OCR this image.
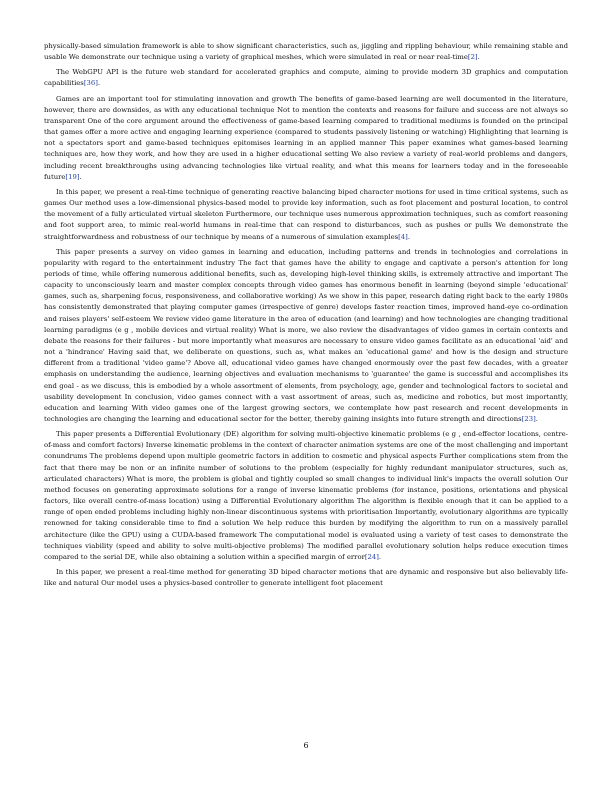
physically-based simulation framework is able to show significant characteristics, such as, jiggling and rippling behaviour, while remaining stable and usable We demonstrate our technique using a variety of graphical meshes, which were simulated in real or near real-time[2].

The WebGPU API is the future web standard for accelerated graphics and compute, aiming to provide modern 3D graphics and computation capabilities[36].

Games are an important tool for stimulating innovation and growth The benefits of game-based learning are well documented in the literature, however, there are downsides, as with any educational technique Not to mention the contexts and reasons for failure and success are not always so transparent One of the core argument around the effectiveness of game-based learning compared to traditional mediums is founded on the principal that games offer a more active and engaging learning experience (compared to students passively listening or watching) Highlighting that learning is not a spectators sport and game-based techniques epitomises learning in an applied manner This paper examines what games-based learning techniques are, how they work, and how they are used in a higher educational setting We also review a variety of real-world problems and dangers, including recent breakthroughs using advancing technologies like virtual reality, and what this means for learners today and in the foreseeable future[19].

In this paper, we present a real-time technique of generating reactive balancing biped character motions for used in time critical systems, such as games Our method uses a low-dimensional physics-based model to provide key information, such as foot placement and postural location, to control the movement of a fully articulated virtual skeleton Furthermore, our technique uses numerous approximation techniques, such as comfort reasoning and foot support area, to mimic real-world humans in real-time that can respond to disturbances, such as pushes or pulls We demonstrate the straightforwardness and robustness of our technique by means of a numerous of simulation examples[4].

This paper presents a survey on video games in learning and education, including patterns and trends in technologies and correlations in popularity with regard to the entertainment industry The fact that games have the ability to engage and captivate a person's attention for long periods of time, while offering numerous additional benefits, such as, developing high-level thinking skills, is extremely attractive and important The capacity to unconsciously learn and master complex concepts through video games has enormous benefit in learning (beyond simple 'educational' games, such as, sharpening focus, responsiveness, and collaborative working) As we show in this paper, research dating right back to the early 1980s has consistently demonstrated that playing computer games (irrespective of genre) develops faster reaction times, improved hand-eye co-ordination and raises players' self-esteem We review video game literature in the area of education (and learning) and how technologies are changing traditional learning paradigms (e g , mobile devices and virtual reality) What is more, we also review the disadvantages of video games in certain contexts and debate the reasons for their failures - but more importantly what measures are necessary to ensure video games facilitate as an educational 'aid' and not a 'hindrance' Having said that, we deliberate on questions, such as, what makes an 'educational game' and how is the design and structure different from a traditional 'video game'? Above all, educational video games have changed enormously over the past few decades, with a greater emphasis on understanding the audience, learning objectives and evaluation mechanisms to 'guarantee' the game is successful and accomplishes its end goal - as we discuss, this is embodied by a whole assortment of elements, from psychology, age, gender and technological factors to societal and usability development In conclusion, video games connect with a vast assortment of areas, such as, medicine and robotics, but most importantly, education and learning With video games one of the largest growing sectors, we contemplate how past research and recent developments in technologies are changing the learning and educational sector for the better, thereby gaining insights into future strength and directions[23].

This paper presents a Differential Evolutionary (DE) algorithm for solving multi-objective kinematic problems (e g , end-effector locations, centre-of-mass and comfort factors) Inverse kinematic problems in the context of character animation systems are one of the most challenging and important conundrums The problems depend upon multiple geometric factors in addition to cosmetic and physical aspects Further complications stem from the fact that there may be non or an infinite number of solutions to the problem (especially for highly redundant manipulator structures, such as, articulated characters) What is more, the problem is global and tightly coupled so small changes to individual link's impacts the overall solution Our method focuses on generating approximate solutions for a range of inverse kinematic problems (for instance, positions, orientations and physical factors, like overall centre-of-mass location) using a Differential Evolutionary algorithm The algorithm is flexible enough that it can be applied to a range of open ended problems including highly non-linear discontinuous systems with prioritisation Importantly, evolutionary algorithms are typically renowned for taking considerable time to find a solution We help reduce this burden by modifying the algorithm to run on a massively parallel architecture (like the GPU) using a CUDA-based framework The computational model is evaluated using a variety of test cases to demonstrate the techniques viability (speed and ability to solve multi-objective problems) The modified parallel evolutionary solution helps reduce execution times compared to the serial DE, while also obtaining a solution within a specified margin of error[24].

In this paper, we present a real-time method for generating 3D biped character motions that are dynamic and responsive but also believably life-like and natural Our model uses a physics-based controller to generate intelligent foot placement

6
